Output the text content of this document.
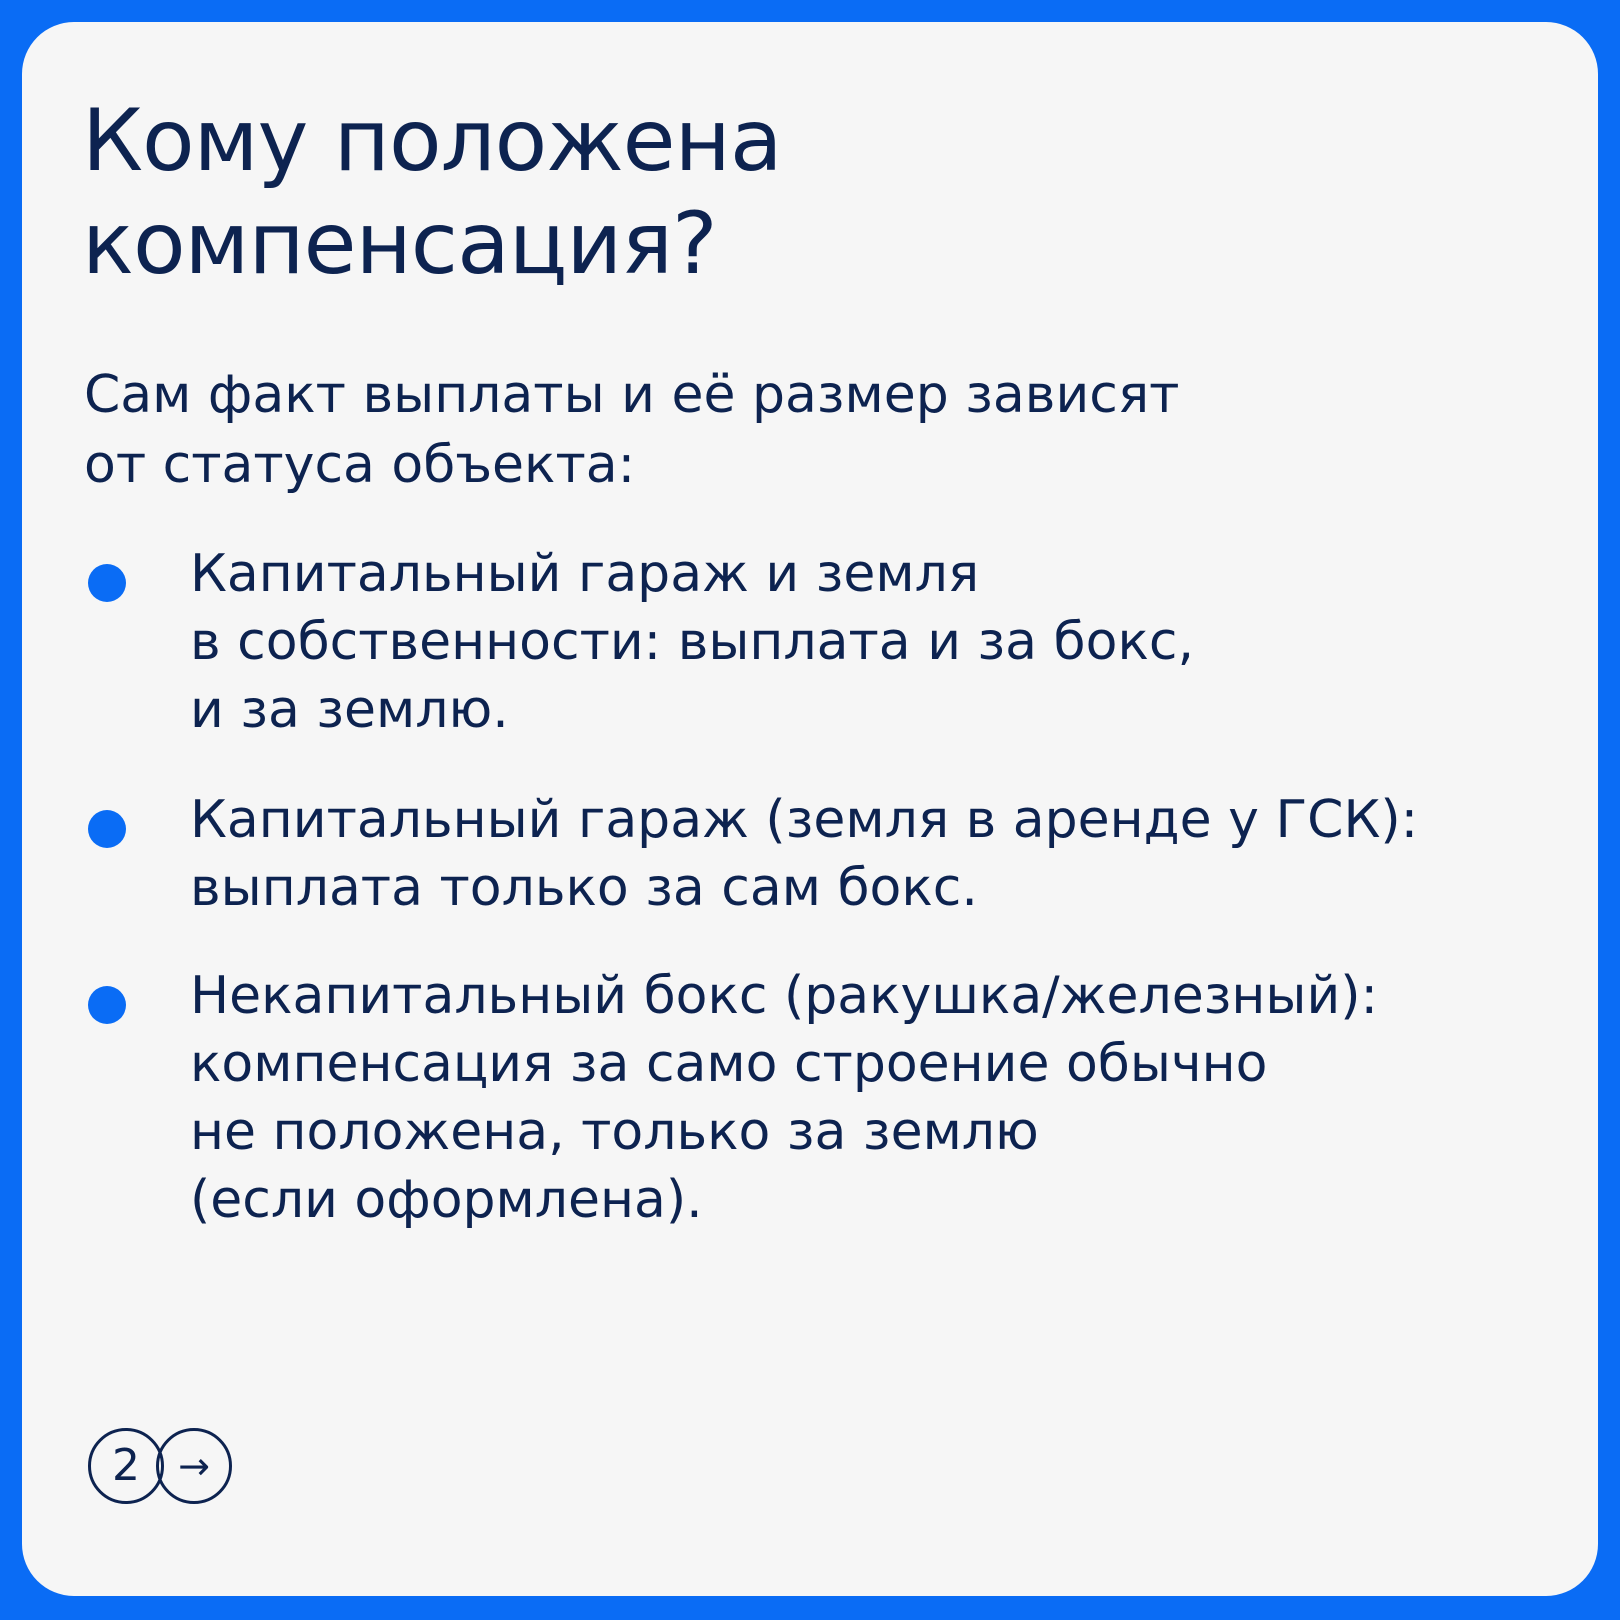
Кому положена
компенсация?

Сам факт выплаты и её размер зависят
от статуса объекта:

Капитальный гараж и земля
в собственности: выплата и за бокс,
и за землю.
Капитальный гараж (земля в аренде у ГСК):
выплата только за сам бокс.
Некапитальный бокс (ракушка/железный):
компенсация за само строение обычно
не положена, только за землю
(если оформлена).
2	→
